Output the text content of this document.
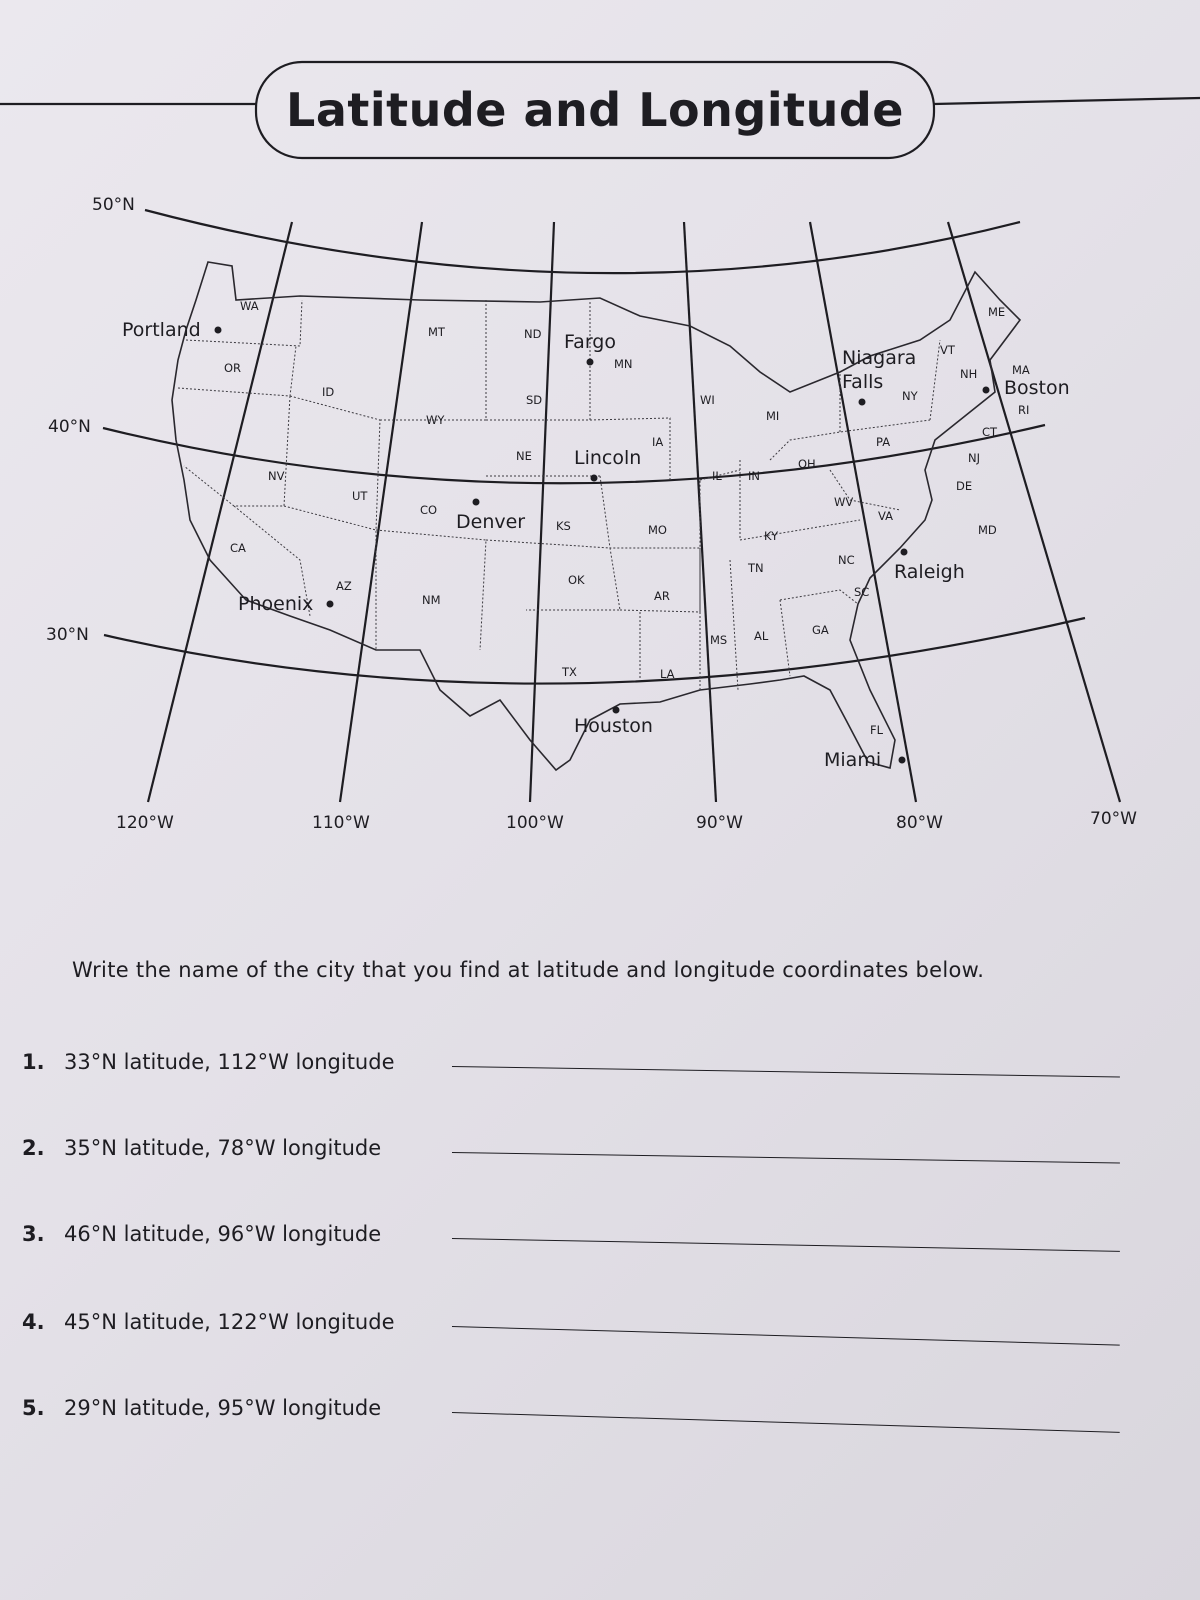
Latitude and Longitude
50°N
40°N
30°N
120°W	110°W	100°W	90°W	80°W	70°W
WA
OR
CA
ID
NV
AZ
UT
MT
WY
CO
NM
ND
SD
NE
KS
OK
TX
MN
IA
MO
AR
LA
WI
IL
MI
IN
KY
TN
MS AL
OH
WV
VA
NC
SC
GA
FL
PA
NY
VT
NH
ME
MA
RI
CT
NJ
DE
MD
Portland
Fargo
Lincoln
Denver
Phoenix
Houston
Niagara
Falls	Boston
Raleigh
Miami
Write the name of the city that you find at latitude and longitude coordinates below.
1. 33°N latitude, 112°W longitude
2. 35°N latitude, 78°W longitude
3. 46°N latitude, 96°W longitude
4. 45°N latitude, 122°W longitude
5. 29°N latitude, 95°W longitude
